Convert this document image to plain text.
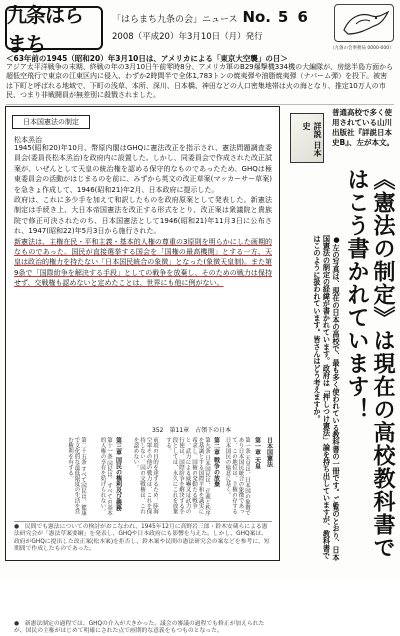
九条はらまち
「はらまち九条の会」ニュース No. 5 6
2008（平成20）年3月10日（月）発行
（九条の会事務局 0000-000）
＜63年前の1945（昭和20）年3月10日は、アメリカによる「東京大空襲」の日＞
アジア太平洋戦争の末期、終戦の年の3月10日午前零時8分、アメリカ軍のB29爆撃機334機の大編隊が、房総半島方面から超低空飛行で東京の江東区内に侵入、わずか2時間半で全体1,783トンの焼夷弾や油脂焼夷弾（ナパーム弾）を投下。被害は下町と呼ばれる地域で、下町の浅草、本所、深川、日本橋、神田などの人口密集地帯は火の海となり、推定10万人の市民、つまり非戦闘員が無差別に殺戮されました。
日本国憲法の制定
松本烝治

1945(昭和20)年10月、幣原内閣はGHQに憲法改正を指示され、憲法問題調査委員会(委員長松本烝治)を政府内に設置した。しかし、同委員会で作成された改正試案が、いぜんとして天皇の統治権を認める保守的なものであったため、GHQは極東委員会の活動がはじまるのを前に、みずから英文の改正草案(マッカーサー草案)を急きょ作成して、1946(昭和21)年2月、日本政府に提示した。

政府は、これに多少手を加えて和訳したものを政府原案として発表した。新憲法制定は手続き上、大日本帝国憲法を改正する形式をとり、改正案は衆議院と貴族院で修正可決されたのち、日本国憲法として1946(昭和21)年11月3日に公布され、1947(昭和22)年5月3日から施行された。

新憲法は、主権在民・平和主義・基本的人権の尊重の3原則を明らかにした画期的なものであった。国民が直接選挙する国会を「国権の最高機関」とする一方、天皇は政治的権力を持たない「日本国民統合の象徴」となった(象徴天皇制)。また第9条で「国際紛争を解決する手段」としての戦争を放棄し、そのための戦力は保持せず、交戦権も認めないと定めたことは、世界にも他に例がない。

352　第11章　占領下の日本
日本国憲法
第一章 天皇
第一条 天皇は、日本国の象徴であり日本国民統合の象徴であって、この地位は、主権の存する日本国民の総意に基く。
第二章 戦争の放棄
第九条 日本国民は、正義と秩序を基調とする国際平和を誠実に希求し、国権の発動たる戦争と、武力による威嚇又は武力の行使は、国際紛争を解決する手段としては、永久にこれを放棄する。
前項の目的を達するため、陸海空軍その他の戦力は、これを保持しない。国の交戦権は、これを認めない。
第三章 国民の権利及び義務
第十一条 国民は、すべての基本的人権の享有を妨げられない。
第二十五条 すべて国民は、健康で文化的な最低限度の生活を営む権利を有する。
●　民間でも憲法についての検討がおこなわれ、1945年12月に高野岩三郎・鈴木安蔵らによる憲法研究会が「憲法草案要綱」を発表し、GHQや日本政府にも影響を与えた。しかし、GHQ案は、政府がGHQに提出した改正案(松本案)を拒否し、鈴木案や民間の憲法研究会の案などを参考に、短期間で作成したものであった。
●　新憲法制定の過程では、GHQの介入が大きかった。議会の審議の過程でも修正が加えられたが、国民の主権がはじめて明確にされた点で画期的な意義をもつものとなった。
詳説 日本史
普通高校で多く使用されている山川出版社『詳説日本史B』、左が本文。
《憲法の制定》は現在の高校教科書ではこう書かれています！
●左の写真は、現在の日本の高校で、最も多く使われている教科書の一冊です。ご覧のとおり、日本国憲法の制定の経緯が書かれています。政府は「押しつけ憲法」論を持ち出していますが、教科書ではこのように扱われています。皆さんはどう考えますか。
